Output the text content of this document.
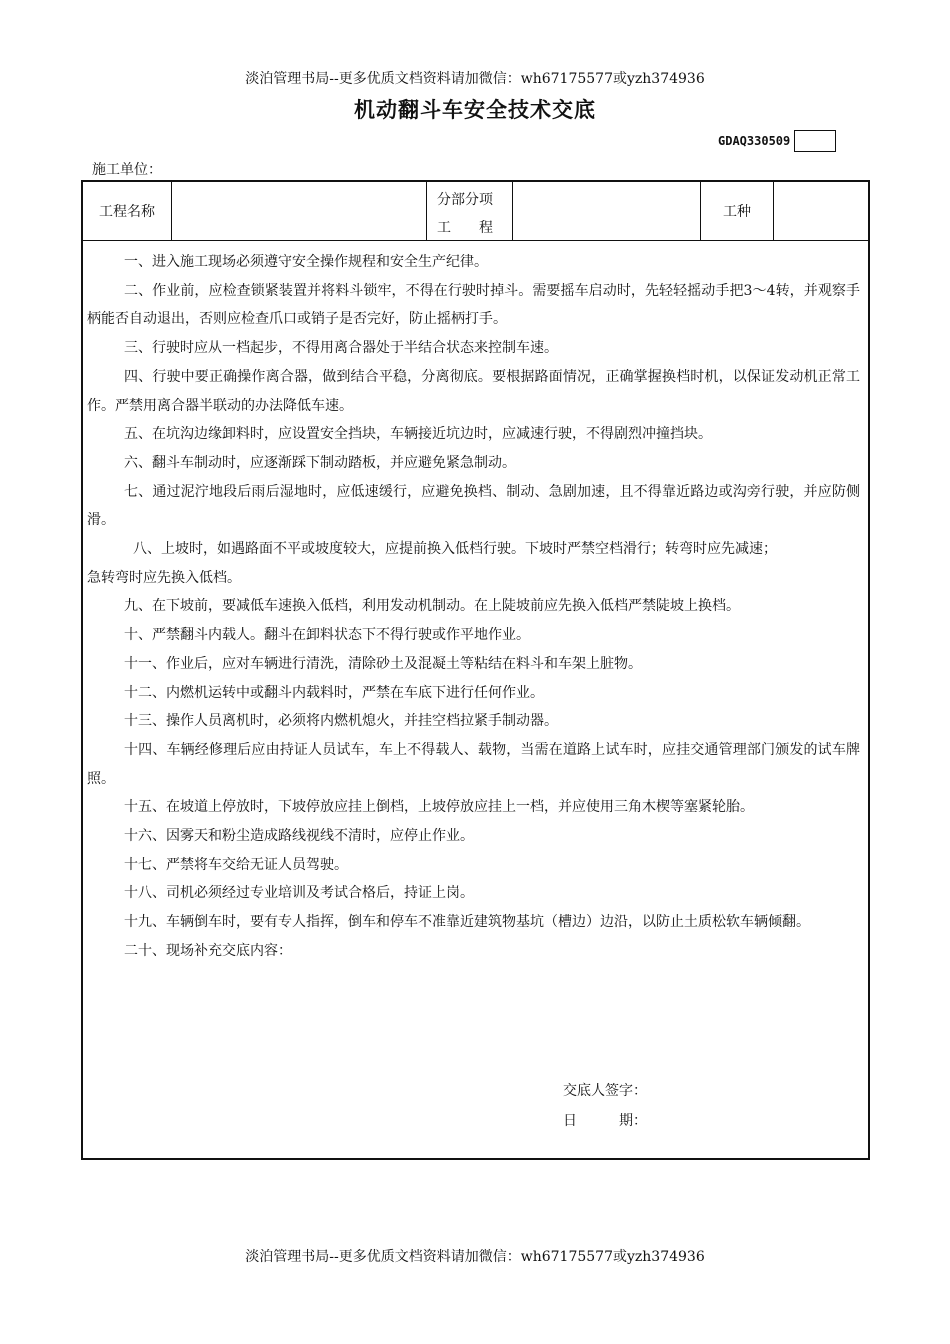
淡泊管理书局--更多优质文档资料请加微信：wh67175577或yzh374936
机动翻斗车安全技术交底
GDAQ330509
施工单位：
工程名称
分部分项
工　　程
工种

一、进入施工现场必须遵守安全操作规程和安全生产纪律。

二、作业前，应检查锁紧装置并将料斗锁牢，不得在行驶时掉斗。需要摇车启动时，先轻轻摇动手把3～4转，并观察手柄能否自动退出，否则应检查爪口或销子是否完好，防止摇柄打手。

三、行驶时应从一档起步，不得用离合器处于半结合状态来控制车速。

四、行驶中要正确操作离合器，做到结合平稳，分离彻底。要根据路面情况，正确掌握换档时机，以保证发动机正常工作。严禁用离合器半联动的办法降低车速。

五、在坑沟边缘卸料时，应设置安全挡块，车辆接近坑边时，应减速行驶，不得剧烈冲撞挡块。

六、翻斗车制动时，应逐渐踩下制动踏板，并应避免紧急制动。

七、通过泥泞地段后雨后湿地时，应低速缓行，应避免换档、制动、急剧加速，且不得靠近路边或沟旁行驶，并应防侧滑。

八、上坡时，如遇路面不平或坡度较大，应提前换入低档行驶。下坡时严禁空档滑行；转弯时应先减速；

急转弯时应先换入低档。

九、在下坡前，要减低车速换入低档，利用发动机制动。在上陡坡前应先换入低档严禁陡坡上换档。

十、严禁翻斗内载人。翻斗在卸料状态下不得行驶或作平地作业。

十一、作业后，应对车辆进行清洗，清除砂土及混凝土等粘结在料斗和车架上脏物。

十二、内燃机运转中或翻斗内载料时，严禁在车底下进行任何作业。

十三、操作人员离机时，必须将内燃机熄火，并挂空档拉紧手制动器。

十四、车辆经修理后应由持证人员试车，车上不得载人、载物，当需在道路上试车时，应挂交通管理部门颁发的试车牌照。

十五、在坡道上停放时，下坡停放应挂上倒档，上坡停放应挂上一档，并应使用三角木楔等塞紧轮胎。

十六、因雾天和粉尘造成路线视线不清时，应停止作业。

十七、严禁将车交给无证人员驾驶。

十八、司机必须经过专业培训及考试合格后，持证上岗。

十九、车辆倒车时，要有专人指挥，倒车和停车不准靠近建筑物基坑（槽边）边沿，以防止土质松软车辆倾翻。

二十、现场补充交底内容：

交底人签字：
日　　　期：
淡泊管理书局--更多优质文档资料请加微信：wh67175577或yzh374936
